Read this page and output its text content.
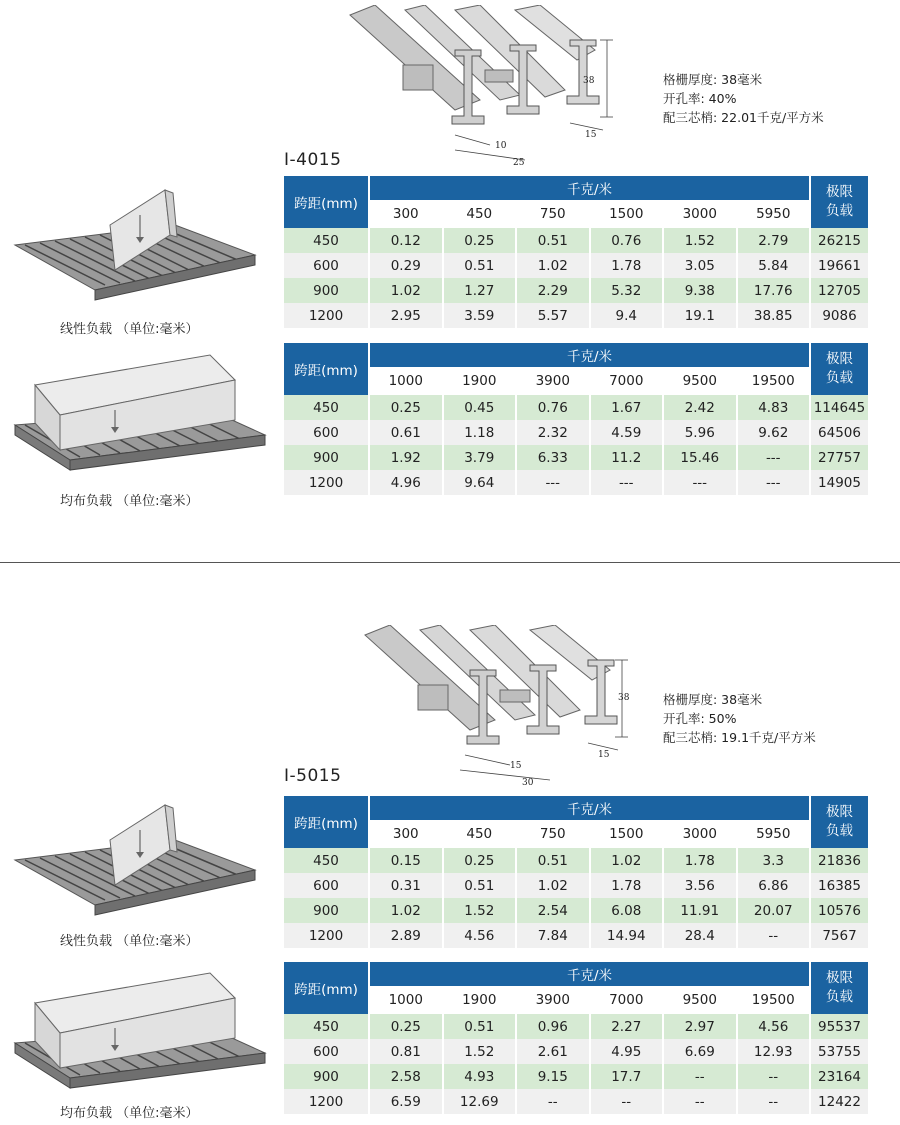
38
15
10
25
格栅厚度: 38毫米
开孔率: 40%
配三芯梢: 22.01千克/平方米
I-4015
线性负载 （单位:毫米）
均布负载 （单位:毫米）
跨距(mm)	千克/米						极限
负载
	300	450	750	1500	3000	5950	
450	0.12	0.25	0.51	0.76	1.52	2.79	26215
600	0.29	0.51	1.02	1.78	3.05	5.84	19661
900	1.02	1.27	2.29	5.32	9.38	17.76	12705
1200	2.95	3.59	5.57	9.4	19.1	38.85	9086
跨距(mm)	千克/米						极限
负载
	1000	1900	3900	7000	9500	19500	
450	0.25	0.45	0.76	1.67	2.42	4.83	114645
600	0.61	1.18	2.32	4.59	5.96	9.62	64506
900	1.92	3.79	6.33	11.2	15.46	---	27757
1200	4.96	9.64	---	---	---	---	14905
38
15
15
30
格栅厚度: 38毫米
开孔率: 50%
配三芯梢: 19.1千克/平方米
I-5015
线性负载 （单位:毫米）
均布负载 （单位:毫米）
跨距(mm)	千克/米						极限
负载
	300	450	750	1500	3000	5950	
450	0.15	0.25	0.51	1.02	1.78	3.3	21836
600	0.31	0.51	1.02	1.78	3.56	6.86	16385
900	1.02	1.52	2.54	6.08	11.91	20.07	10576
1200	2.89	4.56	7.84	14.94	28.4	--	7567
跨距(mm)	千克/米						极限
负载
	1000	1900	3900	7000	9500	19500	
450	0.25	0.51	0.96	2.27	2.97	4.56	95537
600	0.81	1.52	2.61	4.95	6.69	12.93	53755
900	2.58	4.93	9.15	17.7	--	--	23164
1200	6.59	12.69	--	--	--	--	12422
